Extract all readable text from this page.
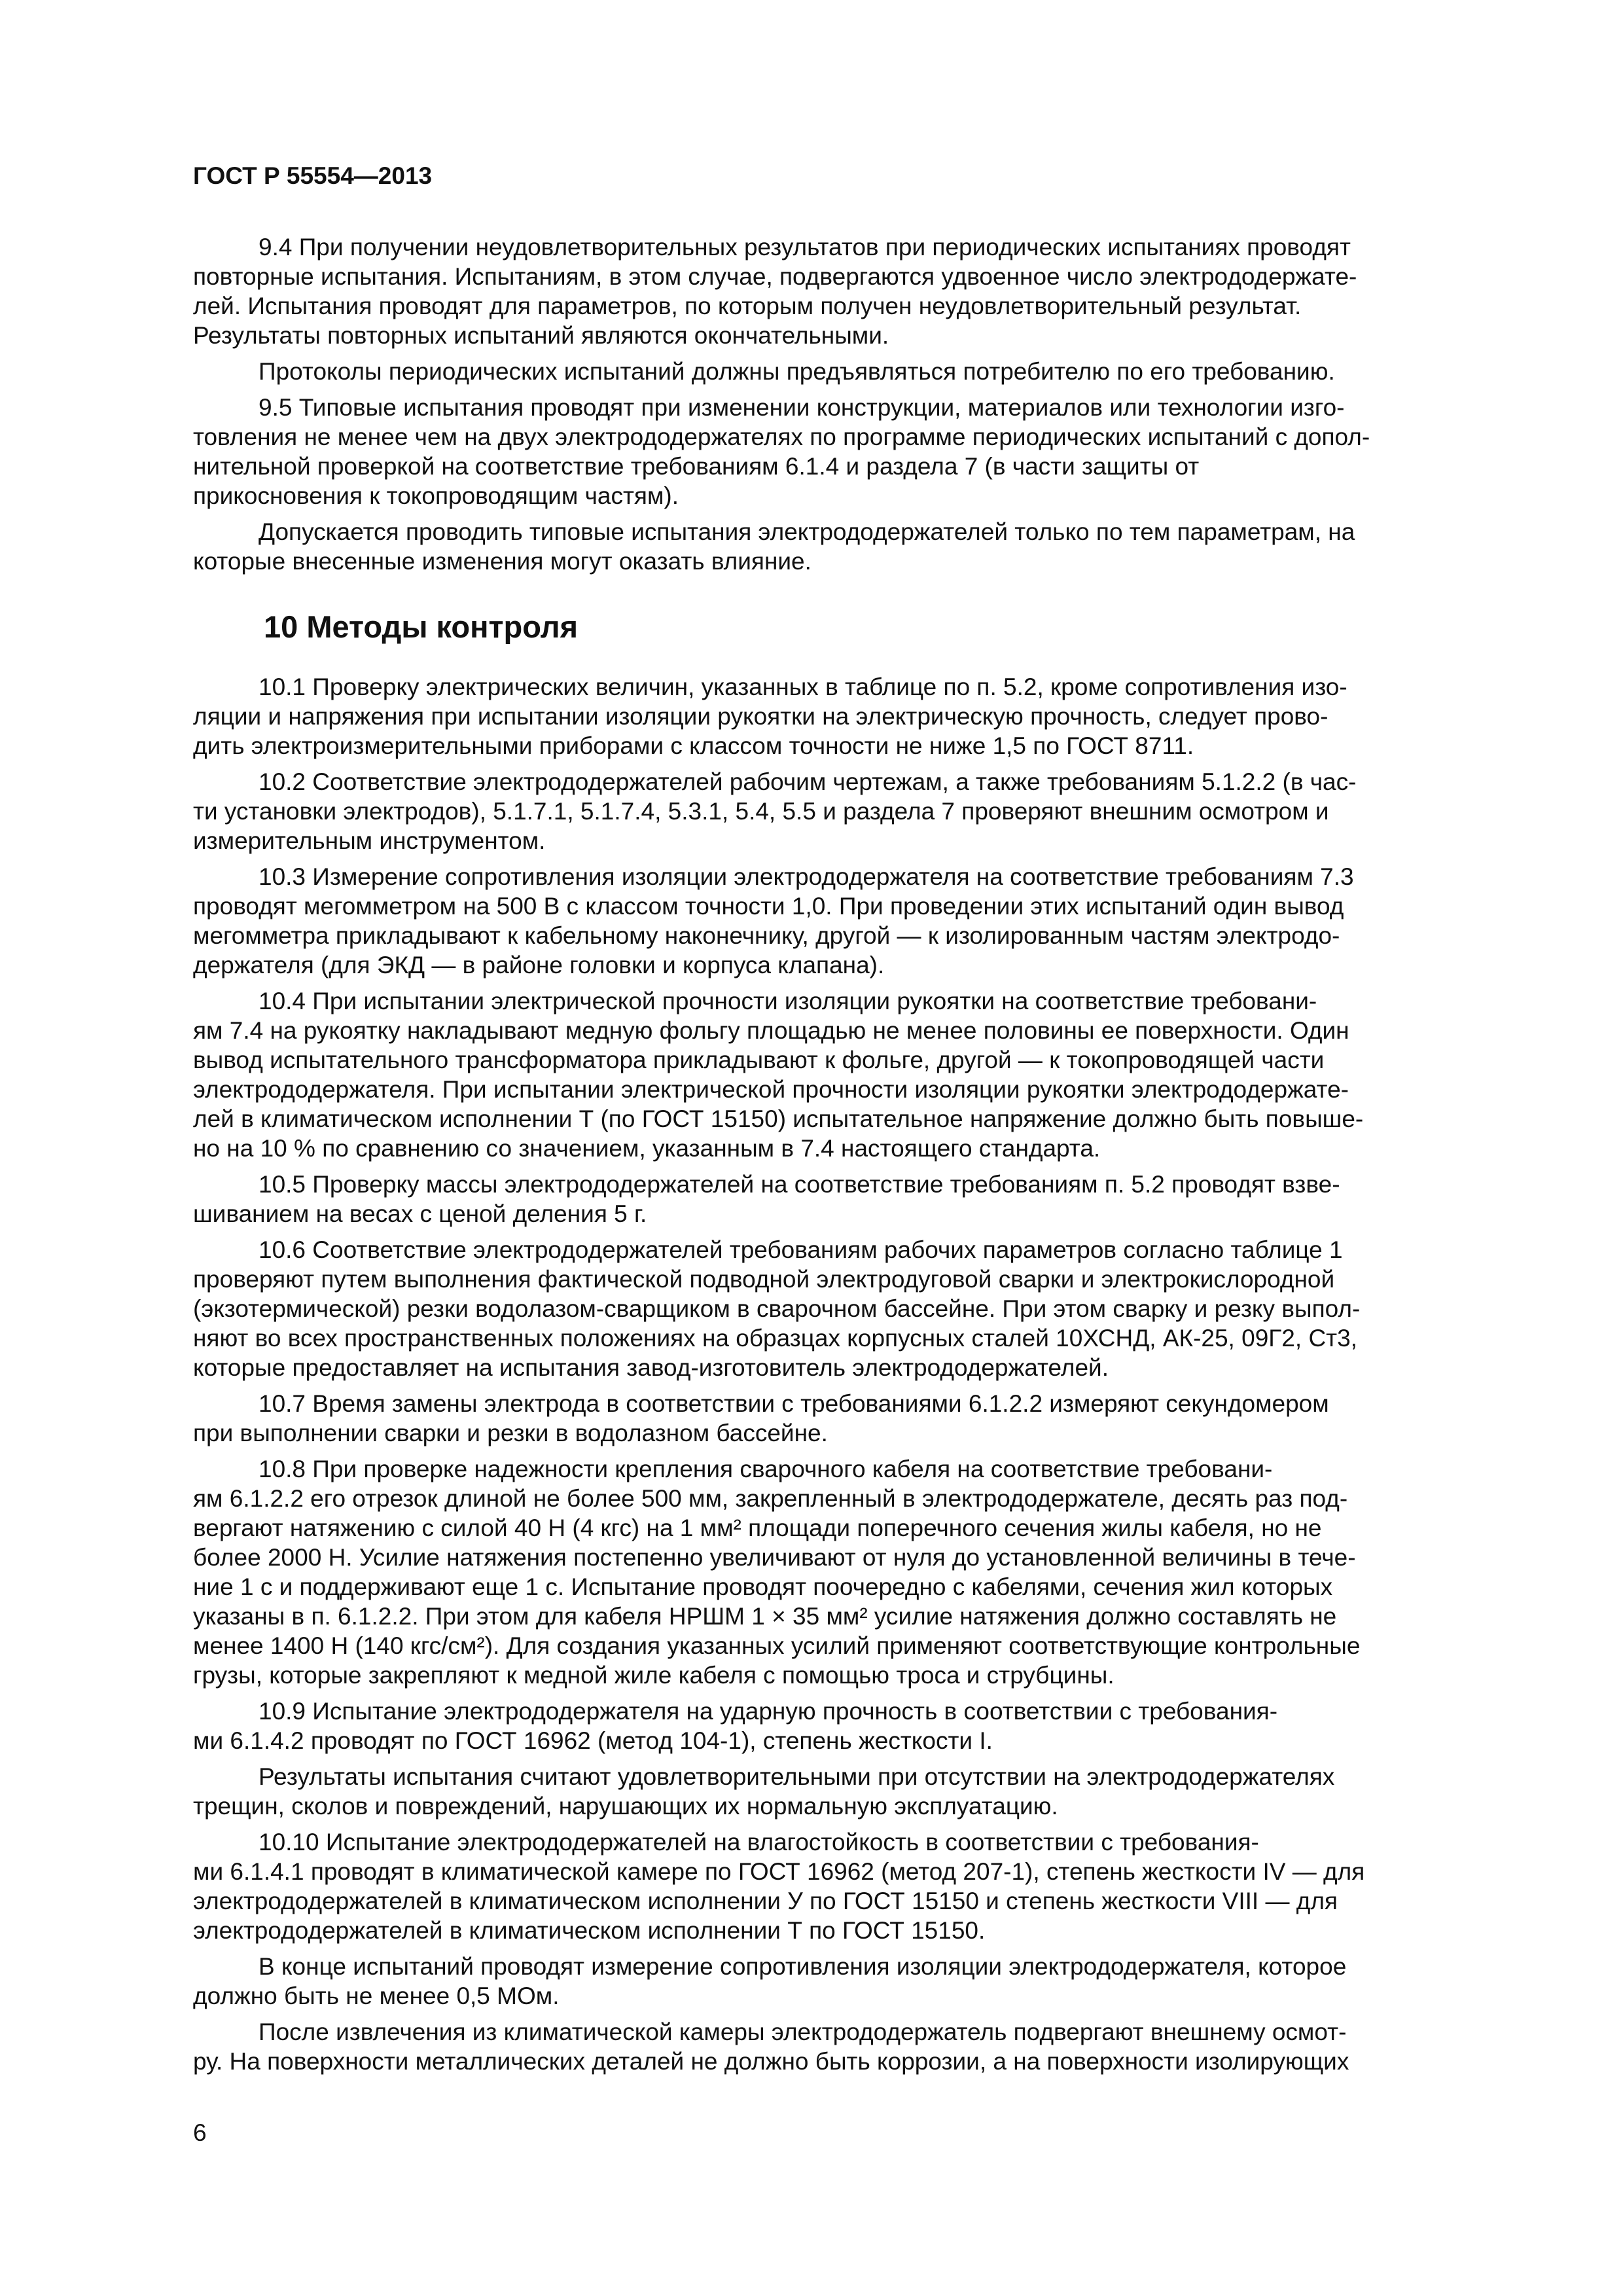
ГОСТ Р 55554—2013

9.4 При получении неудовлетворительных результатов при периодических испытаниях проводят
повторные испытания. Испытаниям, в этом случае, подвергаются удвоенное число электрододержате-
лей. Испытания проводят для параметров, по которым получен неудовлетворительный результат.
Результаты повторных испытаний являются окончательными.

Протоколы периодических испытаний должны предъявляться потребителю по его требованию.

9.5 Типовые испытания проводят при изменении конструкции, материалов или технологии изго-
товления не менее чем на двух электрододержателях по программе периодических испытаний с допол-
нительной проверкой на соответствие требованиям 6.1.4 и раздела 7 (в части защиты от
прикосновения к токопроводящим частям).

Допускается проводить типовые испытания электрододержателей только по тем параметрам, на
которые внесенные изменения могут оказать влияние.

10 Методы контроля

10.1 Проверку электрических величин, указанных в таблице по п. 5.2, кроме сопротивления изо-
ляции и напряжения при испытании изоляции рукоятки на электрическую прочность, следует прово-
дить электроизмерительными приборами с классом точности не ниже 1,5 по ГОСТ 8711.

10.2 Соответствие электрододержателей рабочим чертежам, а также требованиям 5.1.2.2 (в час-
ти установки электродов), 5.1.7.1, 5.1.7.4, 5.3.1, 5.4, 5.5 и раздела 7 проверяют внешним осмотром и
измерительным инструментом.

10.3 Измерение сопротивления изоляции электрододержателя на соответствие требованиям 7.3
проводят мегомметром на 500 В с классом точности 1,0. При проведении этих испытаний один вывод
мегомметра прикладывают к кабельному наконечнику, другой — к изолированным частям электродо-
держателя (для ЭКД — в районе головки и корпуса клапана).

10.4 При испытании электрической прочности изоляции рукоятки на соответствие требовани-
ям 7.4 на рукоятку накладывают медную фольгу площадью не менее половины ее поверхности. Один
вывод испытательного трансформатора прикладывают к фольге, другой — к токопроводящей части
электрододержателя. При испытании электрической прочности изоляции рукоятки электрододержате-
лей в климатическом исполнении Т (по ГОСТ 15150) испытательное напряжение должно быть повыше-
но на 10 % по сравнению со значением, указанным в 7.4 настоящего стандарта.

10.5 Проверку массы электрододержателей на соответствие требованиям п. 5.2 проводят взве-
шиванием на весах с ценой деления 5 г.

10.6 Соответствие электрододержателей требованиям рабочих параметров согласно таблице 1
проверяют путем выполнения фактической подводной электродуговой сварки и электрокислородной
(экзотермической) резки водолазом-сварщиком в сварочном бассейне. При этом сварку и резку выпол-
няют во всех пространственных положениях на образцах корпусных сталей 10ХСНД, АК-25, 09Г2, Ст3,
которые предоставляет на испытания завод-изготовитель электрододержателей.

10.7 Время замены электрода в соответствии с требованиями 6.1.2.2 измеряют секундомером
при выполнении сварки и резки в водолазном бассейне.

10.8 При проверке надежности крепления сварочного кабеля на соответствие требовани-
ям 6.1.2.2 его отрезок длиной не более 500 мм, закрепленный в электрододержателе, десять раз под-
вергают натяжению с силой 40 Н (4 кгс) на 1 мм² площади поперечного сечения жилы кабеля, но не
более 2000 Н. Усилие натяжения постепенно увеличивают от нуля до установленной величины в тече-
ние 1 с и поддерживают еще 1 с. Испытание проводят поочередно с кабелями, сечения жил которых
указаны в п. 6.1.2.2. При этом для кабеля НРШМ 1 × 35 мм² усилие натяжения должно составлять не
менее 1400 Н (140 кгс/см²). Для создания указанных усилий применяют соответствующие контрольные
грузы, которые закрепляют к медной жиле кабеля с помощью троса и струбцины.

10.9 Испытание электрододержателя на ударную прочность в соответствии с требования-
ми 6.1.4.2 проводят по ГОСТ 16962 (метод 104-1), степень жесткости I.

Результаты испытания считают удовлетворительными при отсутствии на электрододержателях
трещин, сколов и повреждений, нарушающих их нормальную эксплуатацию.

10.10 Испытание электрододержателей на влагостойкость в соответствии с требования-
ми 6.1.4.1 проводят в климатической камере по ГОСТ 16962 (метод 207-1), степень жесткости IV — для
электрододержателей в климатическом исполнении У по ГОСТ 15150 и степень жесткости VIII — для
электрододержателей в климатическом исполнении Т по ГОСТ 15150.

В конце испытаний проводят измерение сопротивления изоляции электрододержателя, которое
должно быть не менее 0,5 МОм.

После извлечения из климатической камеры электрододержатель подвергают внешнему осмот-
ру. На поверхности металлических деталей не должно быть коррозии, а на поверхности изолирующих

6
